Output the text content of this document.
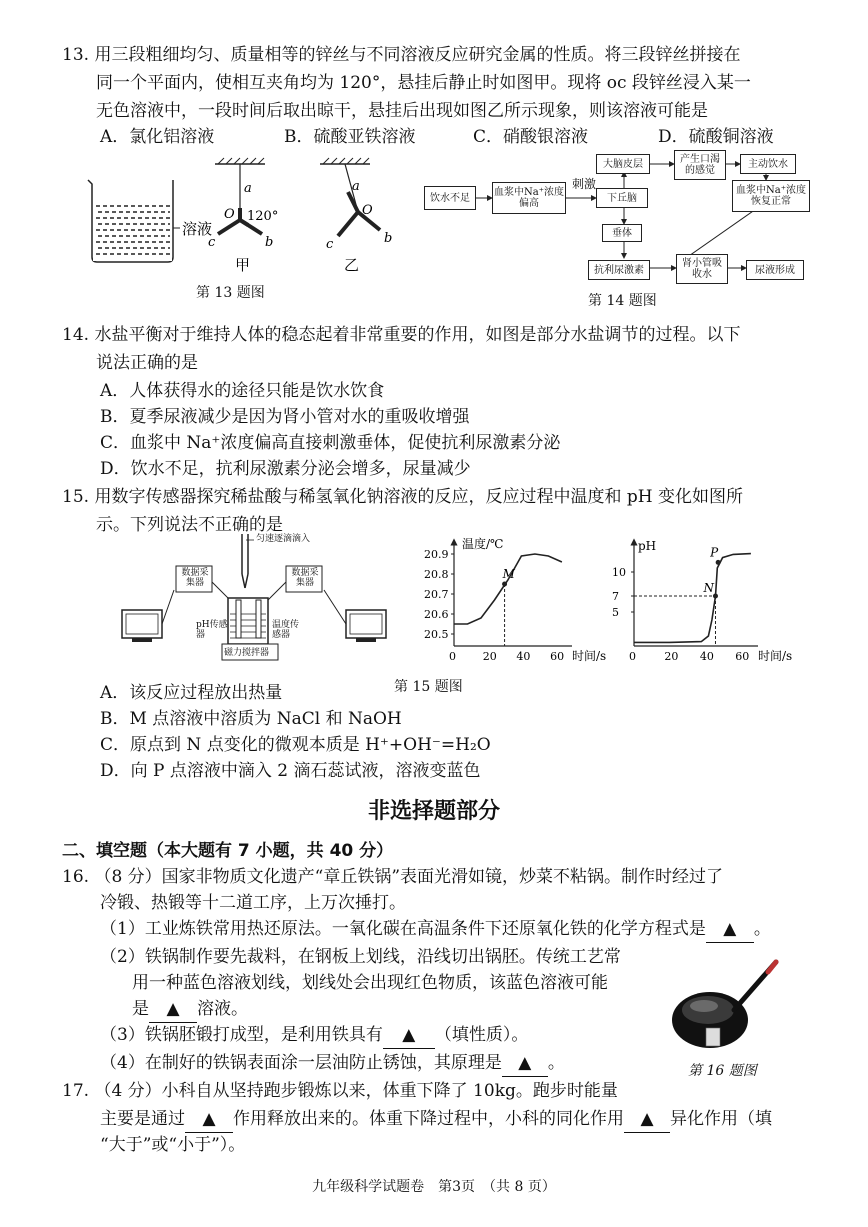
13. 用三段粗细均匀、质量相等的锌丝与不同溶液反应研究金属的性质。将三段锌丝拼接在
同一个平面内，使相互夹角均为 120°，悬挂后静止时如图甲。现将 oc 段锌丝浸入某一
无色溶液中，一段时间后取出晾干，悬挂后出现如图乙所示现象，则该溶液可能是
A．氯化铝溶液	B．硫酸亚铁溶液	C．硝酸银溶液	D．硫酸铜溶液
溶液
a
O 120°
b
c
甲
a
O
b
c
乙
第 13 题图
饮水不足	血浆中Na⁺浓度偏高
刺激
下丘脑
大脑皮层	产生口渴的感觉
主动饮水
血浆中Na⁺浓度恢复正常
垂体
抗利尿激素
肾小管吸收水	尿液形成
第 14 题图
14. 水盐平衡对于维持人体的稳态起着非常重要的作用，如图是部分水盐调节的过程。以下
说法正确的是
A．人体获得水的途径只能是饮水饮食
B．夏季尿液减少是因为肾小管对水的重吸收增强
C．血浆中 Na⁺浓度偏高直接刺激垂体，促使抗利尿激素分泌
D．饮水不足，抗利尿激素分泌会增多，尿量减少
15. 用数字传感器探究稀盐酸与稀氢氧化钠溶液的反应，反应过程中温度和 pH 变化如图所
示。下列说法不正确的是
匀速逐滴滴入
数据采集器
数据采集器
pH传感器
温度传感器
磁力搅拌器
温度/℃
时间/s
20.9
20.8
20.7
20.6
20.5
0 20 40 60
M
pH
时间/s
10
7
5
0	20 40 60
N
P
第 15 题图
A．该反应过程放出热量
B．M 点溶液中溶质为 NaCl 和 NaOH
C．原点到 N 点变化的微观本质是 H⁺+OH⁻=H₂O
D．向 P 点溶液中滴入 2 滴石蕊试液，溶液变蓝色
非选择题部分
二、填空题（本大题有 7 小题，共 40 分）
16. （8 分）国家非物质文化遗产“章丘铁锅”表面光滑如镜，炒菜不粘锅。制作时经过了
冷锻、热锻等十二道工序，上万次捶打。
（1）工业炼铁常用热还原法。一氧化碳在高温条件下还原氧化铁的化学方程式是 ▲ 。
（2）铁锅制作要先裁料，在钢板上划线，沿线切出锅胚。传统工艺常
用一种蓝色溶液划线，划线处会出现红色物质，该蓝色溶液可能
是 ▲ 溶液。
（3）铁锅胚锻打成型，是利用铁具有 ▲ （填性质）。
（4）在制好的铁锅表面涂一层油防止锈蚀，其原理是 ▲ 。	第 16 题图
17. （4 分）小科自从坚持跑步锻炼以来，体重下降了 10kg。跑步时能量
主要是通过 ▲ 作用释放出来的。体重下降过程中，小科的同化作用 ▲ 异化作用（填
“大于”或“小于”）。
九年级科学试题卷　第3页　（共 8 页）
